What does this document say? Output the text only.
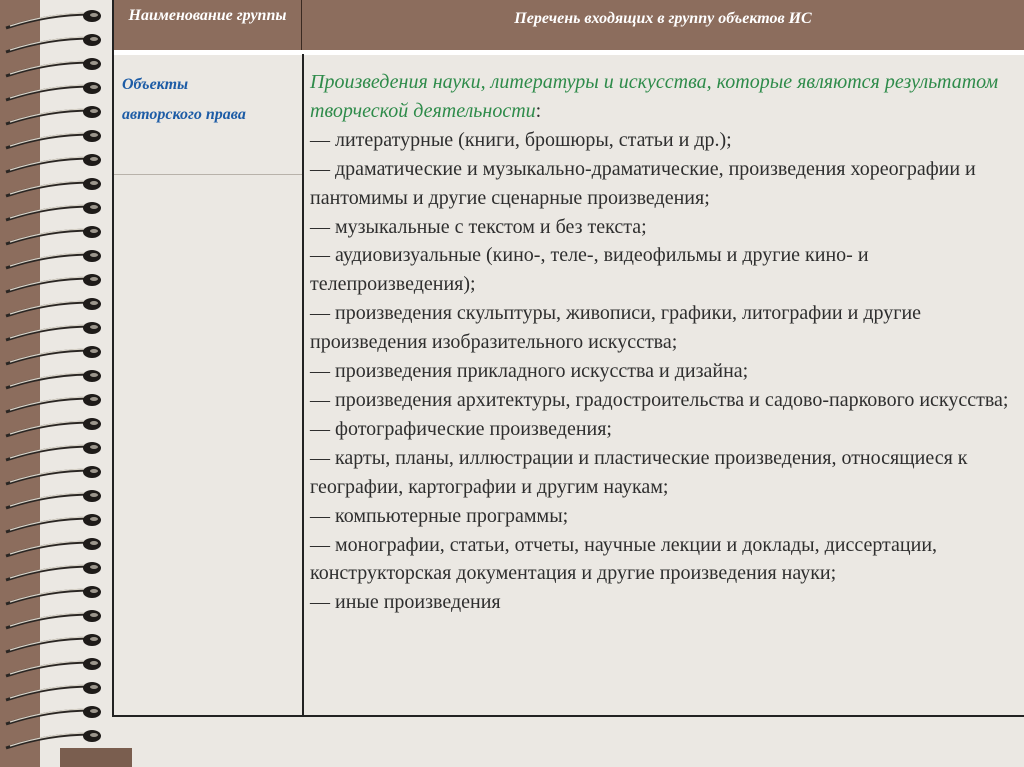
Наименование группы	Перечень входящих в группу объектов ИС
Объекты
авторского права
Произведения науки, литературы и искусства, которые являются результатом творческой деятельности:
— литературные (книги, брошюры, статьи и др.);
— драматические и музыкально-драматические, произведения хореографии и пантомимы и другие сценарные произведения;
— музыкальные с текстом и без текста;
— аудиовизуальные (кино-, теле-, видеофильмы и другие кино- и телепроизведения);
— произведения скульптуры, живописи, графики, литографии и другие произведения изобразительного искусства;
— произведения прикладного искусства и дизайна;
— произведения архитектуры, градостроительства и садово-паркового искусства;
— фотографические произведения;
— карты, планы, иллюстрации и пластические произведения, относящиеся к географии, картографии и другим наукам;
— компьютерные программы;
— монографии, статьи, отчеты, научные лекции и доклады, диссертации, конструкторская документация и другие произведения науки;
— иные произведения
